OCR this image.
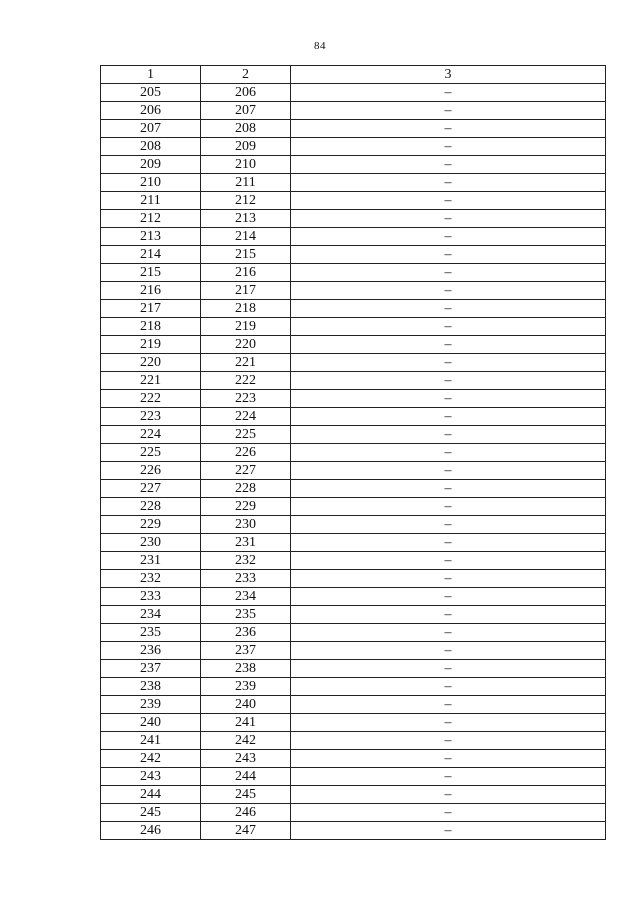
84
1	2	3
205	206	–
206	207	–
207	208	–
208	209	–
209	210	–
210	211	–
211	212	–
212	213	–
213	214	–
214	215	–
215	216	–
216	217	–
217	218	–
218	219	–
219	220	–
220	221	–
221	222	–
222	223	–
223	224	–
224	225	–
225	226	–
226	227	–
227	228	–
228	229	–
229	230	–
230	231	–
231	232	–
232	233	–
233	234	–
234	235	–
235	236	–
236	237	–
237	238	–
238	239	–
239	240	–
240	241	–
241	242	–
242	243	–
243	244	–
244	245	–
245	246	–
246	247	–
